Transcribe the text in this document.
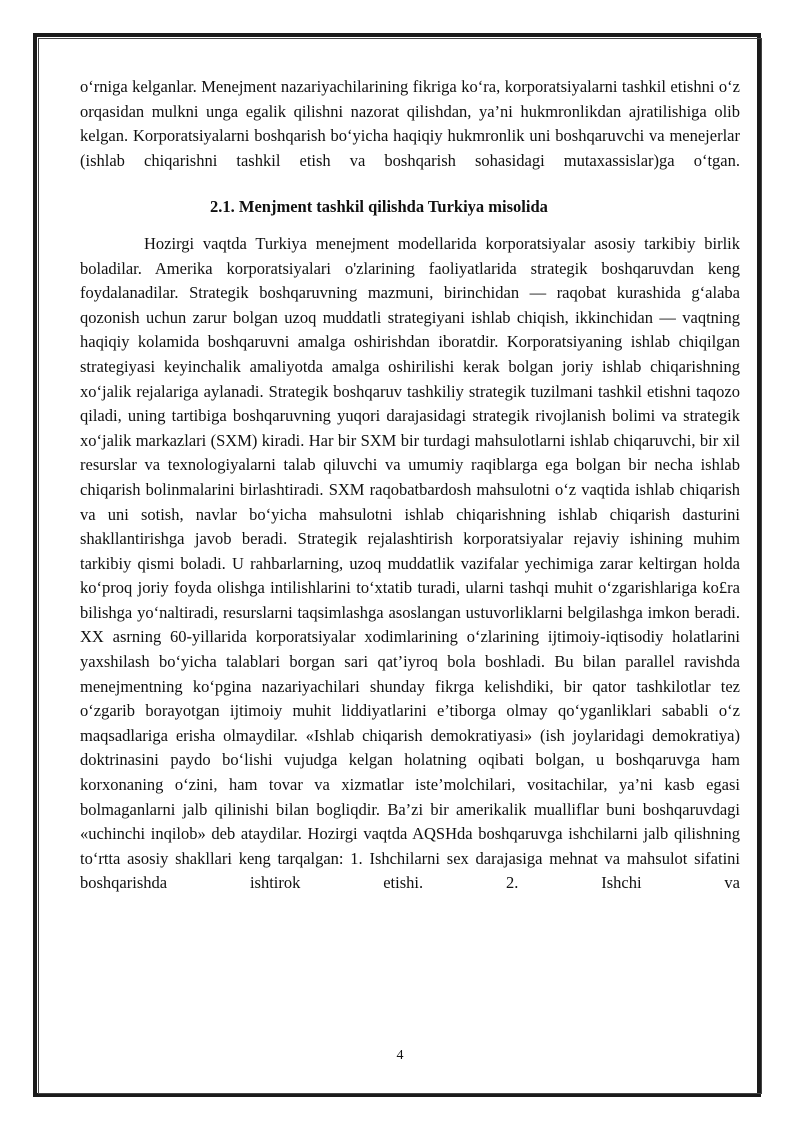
o‘rniga kelganlar. Menejment nazariyachilarining fikriga ko‘ra, korporatsiyalarni tashkil etishni o‘z orqasidan mulkni unga egalik qilishni nazorat qilishdan, ya’ni hukmronlikdan ajratilishiga olib kelgan. Korporatsiyalarni boshqarish bo‘yicha haqiqiy hukmronlik uni boshqaruvchi va menejerlar (ishlab chiqarishni tashkil etish va boshqarish sohasidagi mutaxassislar)ga o‘tgan.

2.1. Menjment tashkil qilishda Turkiya misolida

Hozirgi vaqtda Turkiya menejment modellarida korporatsiyalar asosiy tarkibiy birlik boladilar. Amerika korporatsiyalari o'zlarining faoliyatlarida strategik boshqaruvdan keng foydalanadilar. Strategik boshqaruvning mazmuni, birinchidan — raqobat kurashida g‘alaba qozonish uchun zarur bolgan uzoq muddatli strategiyani ishlab chiqish, ikkinchidan — vaqtning haqiqiy kolamida boshqaruvni amalga oshirishdan iboratdir. Korporatsiyaning ishlab chiqilgan strategiyasi keyinchalik amaliyotda amalga oshirilishi kerak bolgan joriy ishlab chiqarishning xo‘jalik rejalariga aylanadi. Strategik boshqaruv tashkiliy strategik tuzilmani tashkil etishni taqozo qiladi, uning tartibiga boshqaruvning yuqori darajasidagi strategik rivojlanish bolimi va strategik xo‘jalik markazlari (SXM) kiradi. Har bir SXM bir turdagi mahsulotlarni ishlab chiqaruvchi, bir xil resurslar va texnologiyalarni talab qiluvchi va umumiy raqiblarga ega bolgan bir necha ishlab chiqarish bolinmalarini birlashtiradi. SXM raqobatbardosh mahsulotni o‘z vaqtida ishlab chiqarish va uni sotish, navlar bo‘yicha mahsulotni ishlab chiqarishning ishlab chiqarish dasturini shakllantirishga javob beradi. Strategik rejalashtirish korporatsiyalar rejaviy ishining muhim tarkibiy qismi boladi. U rahbarlarning, uzoq muddatlik vazifalar yechimiga zarar keltirgan holda ko‘proq joriy foyda olishga intilishlarini to‘xtatib turadi, ularni tashqi muhit o‘zgarishlariga ko£ra bilishga yo‘naltiradi, resurslarni taqsimlashga asoslangan ustuvorliklarni belgilashga imkon beradi. XX asrning 60-yillarida korporatsiyalar xodimlarining o‘zlarining ijtimoiy-iqtisodiy holatlarini yaxshilash bo‘yicha talablari borgan sari qat’iyroq bola boshladi. Bu bilan parallel ravishda menejmentning ko‘pgina nazariyachilari shunday fikrga kelishdiki, bir qator tashkilotlar tez o‘zgarib borayotgan ijtimoiy muhit liddiyatlarini e’tiborga olmay qo‘yganliklari sababli o‘z maqsadlariga erisha olmaydilar. «Ishlab chiqarish demokratiyasi» (ish joylaridagi demokratiya) doktrinasini paydo bo‘lishi vujudga kelgan holatning oqibati bolgan, u boshqaruvga ham korxonaning o‘zini, ham tovar va xizmatlar iste’molchilari, vositachilar, ya’ni kasb egasi bolmaganlarni jalb qilinishi bilan bogliqdir. Ba’zi bir amerikalik mualliflar buni boshqaruvdagi «uchinchi inqilob» deb ataydilar. Hozirgi vaqtda AQSHda boshqaruvga ishchilarni jalb qilishning to‘rtta asosiy shakllari keng tarqalgan: 1. Ishchilarni sex darajasiga mehnat va mahsulot sifatini boshqarishda ishtirok etishi. 2. Ishchi va

4
